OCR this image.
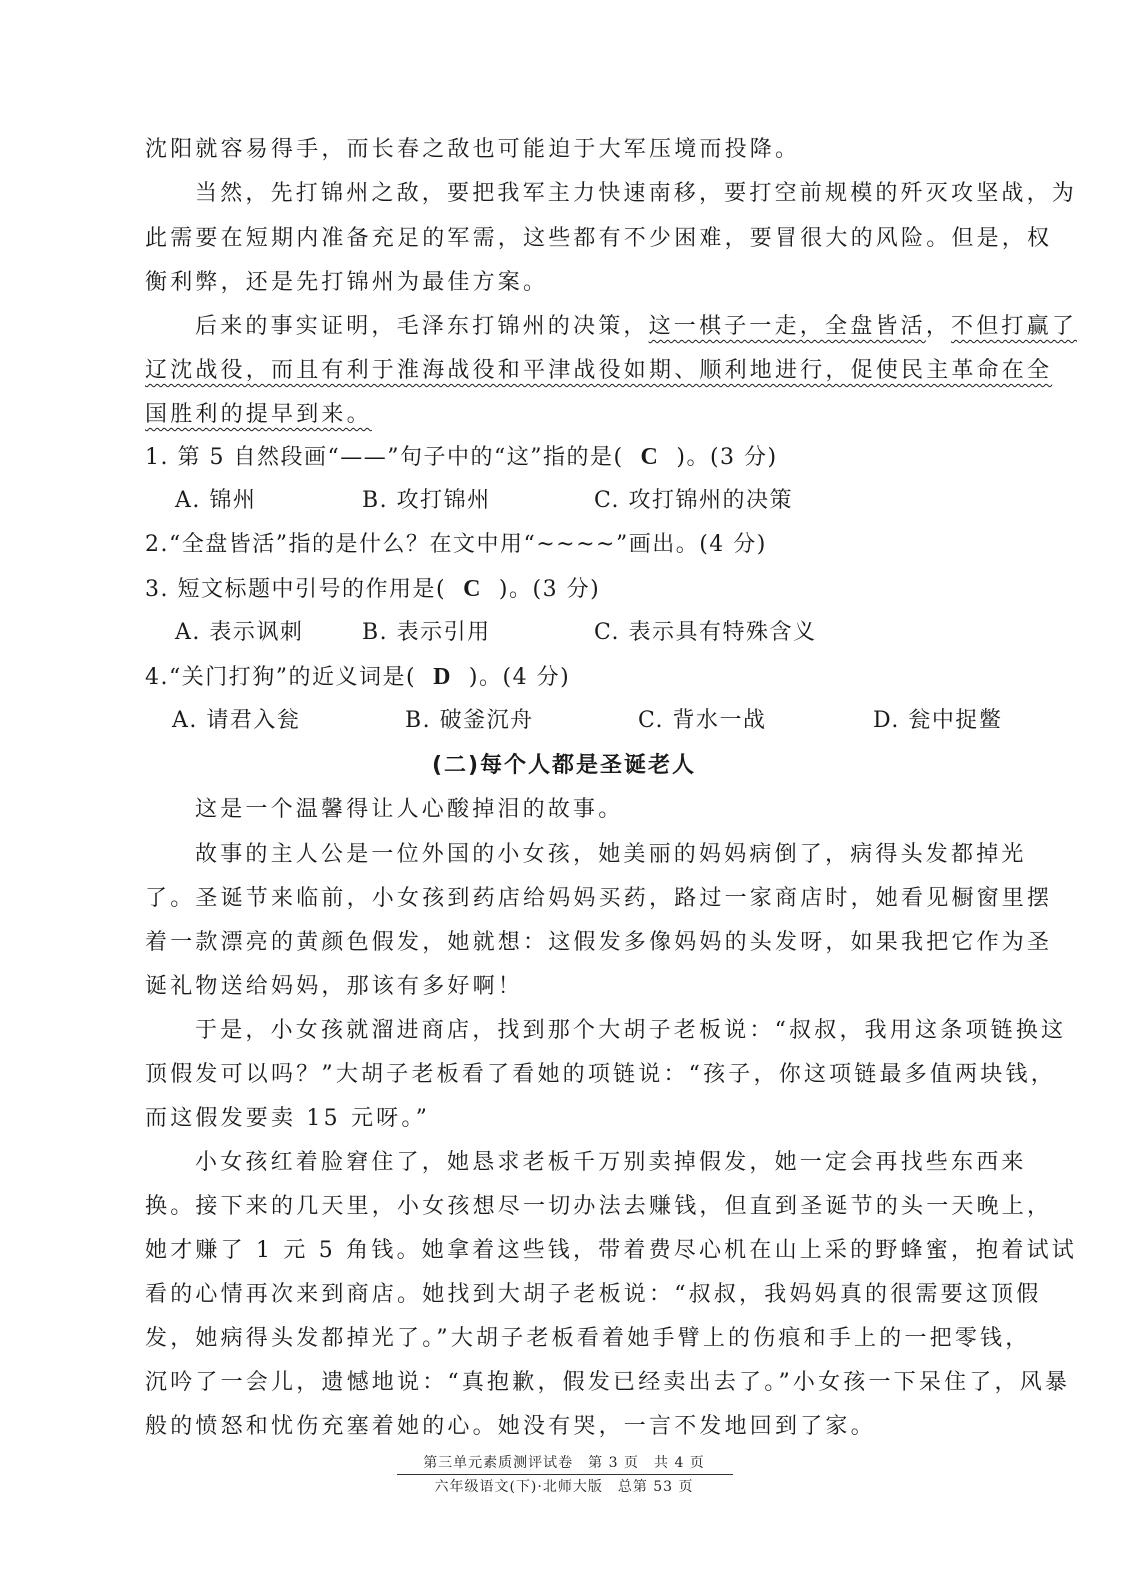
沈阳就容易得手，而长春之敌也可能迫于大军压境而投降。
当然，先打锦州之敌，要把我军主力快速南移，要打空前规模的歼灭攻坚战，为
此需要在短期内准备充足的军需，这些都有不少困难，要冒很大的风险。但是，权
衡利弊，还是先打锦州为最佳方案。
后来的事实证明，毛泽东打锦州的决策，这一棋子一走，全盘皆活，不但打赢了
辽沈战役，而且有利于淮海战役和平津战役如期、顺利地进行，促使民主革命在全
国胜利的提早到来。
1. 第 5 自然段画“——”句子中的“这”指的是( C )。(3 分)
A. 锦州	B. 攻打锦州	C. 攻打锦州的决策
2.“全盘皆活”指的是什么？在文中用“~~~~”画出。(4 分)
3. 短文标题中引号的作用是( C )。(3 分)
A. 表示讽刺	B. 表示引用	C. 表示具有特殊含义
4.“关门打狗”的近义词是( D )。(4 分)
A. 请君入瓮	B. 破釜沉舟	C. 背水一战	D. 瓮中捉鳖
(二)每个人都是圣诞老人
这是一个温馨得让人心酸掉泪的故事。
故事的主人公是一位外国的小女孩，她美丽的妈妈病倒了，病得头发都掉光
了。圣诞节来临前，小女孩到药店给妈妈买药，路过一家商店时，她看见橱窗里摆
着一款漂亮的黄颜色假发，她就想：这假发多像妈妈的头发呀，如果我把它作为圣
诞礼物送给妈妈，那该有多好啊！
于是，小女孩就溜进商店，找到那个大胡子老板说：“叔叔，我用这条项链换这
顶假发可以吗？”大胡子老板看了看她的项链说：“孩子，你这项链最多值两块钱，
而这假发要卖 15 元呀。”
小女孩红着脸窘住了，她恳求老板千万别卖掉假发，她一定会再找些东西来
换。接下来的几天里，小女孩想尽一切办法去赚钱，但直到圣诞节的头一天晚上，
她才赚了 1 元 5 角钱。她拿着这些钱，带着费尽心机在山上采的野蜂蜜，抱着试试
看的心情再次来到商店。她找到大胡子老板说：“叔叔，我妈妈真的很需要这顶假
发，她病得头发都掉光了。”大胡子老板看着她手臂上的伤痕和手上的一把零钱，
沉吟了一会儿，遗憾地说：“真抱歉，假发已经卖出去了。”小女孩一下呆住了，风暴
般的愤怒和忧伤充塞着她的心。她没有哭，一言不发地回到了家。
第三单元素质测评试卷　第 3 页　共 4 页
六年级语文(下)·北师大版　总第 53 页
